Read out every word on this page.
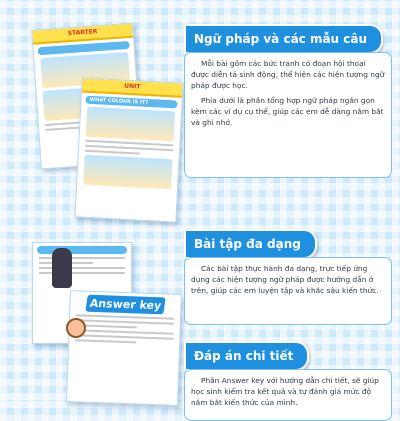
STARTER
UNIT
WHAT COLOUR IS IT?
Answer key
Ngữ pháp và các mẫu câu

Mỗi bài gồm các bức tranh có đoạn hội thoại được diễn tả sinh động, thể hiện các hiện tượng ngữ pháp được học.

Phía dưới là phần tổng hợp ngữ pháp ngắn gọn kèm các ví dụ cụ thể, giúp các em dễ dàng nắm bắt và ghi nhớ.

Bài tập đa dạng

Các bài tập thực hành đa dạng, trực tiếp ứng dụng các hiện tượng ngữ pháp được hướng dẫn ở trên, giúp các em luyện tập và khắc sâu kiến thức.

Đáp án chi tiết

Phần Answer key với hướng dẫn chi tiết, sẽ giúp học sinh kiểm tra kết quả và tự đánh giá mức độ nắm bắt kiến thức của mình.
